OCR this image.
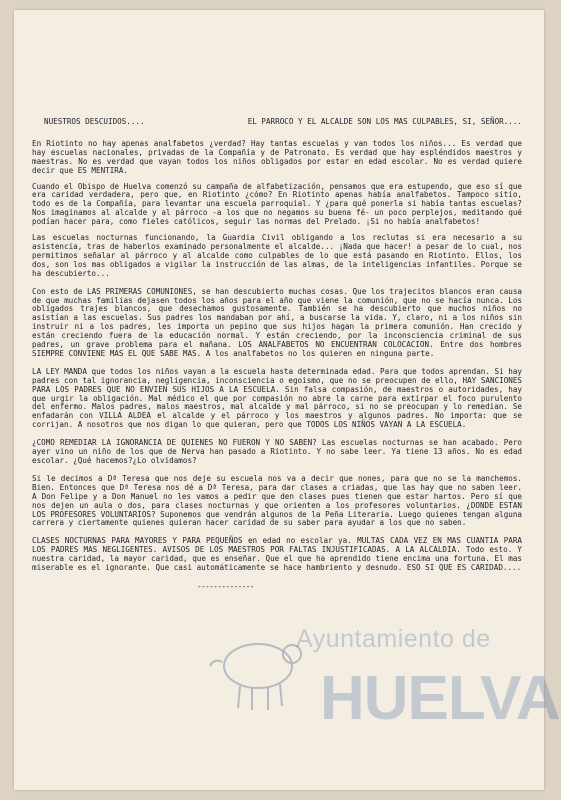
Ayuntamiento de
HUELVA
NUESTROS DESCUIDOS....	EL PARROCO Y EL ALCALDE SON LOS MAS CULPABLES, SI, SEÑOR....

En Riotinto no hay apenas analfabetos ¿verdad? Hay tantas escuelas y van todos los niños... Es verdad que hay escuelas nacionales, privadas de la Compañía y de Patronato. Es verdad que hay espléndidos maestros y maestras. No es verdad que vayan todos los niños obligados por estar en edad escolar. No es verdad quiere decir que ES MENTIRA.

Cuando el Obispo de Huelva comenzó su campaña de alfabetización, pensamos que era estupendo, que eso sí que era caridad verdadera, pero que, en Riotinto ¿cómo? En Riotinto apenas había analfabetos. Tampoco sitio, todo es de la Compañía, para levantar una escuela parroquial. Y ¿para qué ponerla si había tantas escuelas? Nos imaginamos al alcalde y al párroco -a los que no negamos su buena fé- un poco perplejos, meditando qué podían hacer para, como fieles católicos, seguir las normas del Prelado. ¡Si no había analfabetos!

Las escuelas nocturnas funcionando, la Guardia Civil obligando a los reclutas si era necesario a su asistencia, tras de haberlos examinado personalmente el alcalde... ¡Nada que hacer! a pesar de lo cual, nos permitimos señalar al párroco y al alcalde como culpables de lo que está pasando en Riotinto. Ellos, los dos, son los mas obligados a vigilar la instrucción de las almas, de la inteligencias infantiles. Porque se ha descubierto...

Con esto de LAS PRIMERAS COMUNIONES, se han descubierto muchas cosas. Que los trajecitos blancos eran causa de que muchas familias dejasen todos los años para el año que viene la comunión, que no se hacía nunca. Los obligados trajes blancos, que desechamos gustosamente. También se ha descubierto que muchos niños no asistían a las escuelas. Sus padres los mandaban por ahí, a buscarse la vida. Y, claro, ni a los niños sin instruir ni a los padres, les importa un pepino que sus hijos hagan la primera comunión. Han crecido y están creciendo fuera de la educación normal. Y están creciendo, por la inconsciencia criminal de sus padres, un grave problema para el mañana. LOS ANALFABETOS NO ENCUENTRAN COLOCACION. Entre dos hombres SIEMPRE CONVIENE MAS EL QUE SABE MAS. A los analfabetos no los quieren en ninguna parte.

LA LEY MANDA que todos los niños vayan a la escuela hasta determinada edad. Para que todos aprendan. Si hay padres con tal ignorancia, negligencia, inconsciencia o egoismo, que no se preocupen de ello, HAY SANCIONES PARA LOS PADRES QUE NO ENVIEN SUS HIJOS A LA ESCUELA. Sin falsa compasión, de maestros o autoridades, hay que urgir la obligación. Mal médico el que por compasión no abre la carne para extirpar el foco purulento del enfermo. Malos padres, malos maestros, mal alcalde y mal párroco, si no se preocupan y lo remedian. Se enfadarán con VILLA ALDEA el alcalde y el párroco y los maestros y algunos padres. No importa: que se corrijan. A nosotros que nos digan lo que quieran, pero que TODOS LOS NIÑOS VAYAN A LA ESCUELA.

¿COMO REMEDIAR LA IGNORANCIA DE QUIENES NO FUERON Y NO SABEN? Las escuelas nocturnas se han acabado. Pero ayer vino un niño de los que de Nerva han pasado a Riotinto. Y no sabe leer. Ya tiene 13 años. No es edad escolar. ¿Qué hacemos?¿Lo olvidamos?

Si le decimos a Dª Teresa que nos deje su escuela nos va a decir que nones, para que no se la manchemos. Bien. Entonces que Dª Teresa nos dé a Dª Teresa, para dar clases a criadas, que las hay que no saben leer. A Don Felipe y a Don Manuel no les vamos a pedir que den clases pues tienen que estar hartos. Pero sí que nos dejen un aula o dos, para clases nocturnas y que orienten a los profesores voluntarios. ¿DONDE ESTAN LOS PROFESORES VOLUNTARIOS? Suponemos que vendrán algunos de la Peña Literaria. Luego quienes tengan alguna carrera y ciertamente quienes quieran hacer caridad de su saber para ayudar a los que no saben.

CLASES NOCTURNAS PARA MAYORES Y PARA PEQUEÑOS en edad no escolar ya. MULTAS CADA VEZ EN MAS CUANTIA PARA LOS PADRES MAS NEGLIGENTES. AVISOS DE LOS MAESTROS POR FALTAS INJUSTIFICADAS. A LA ALCALDIA. Todo esto. Y nuestra caridad, la mayor caridad, que es enseñar. Que el que ha aprendido tiene encima una fortuna. El mas miserable es el ignorante. Que casi automáticamente se hace hambriento y desnudo. ESO SI QUE ES CARIDAD....

--------------
